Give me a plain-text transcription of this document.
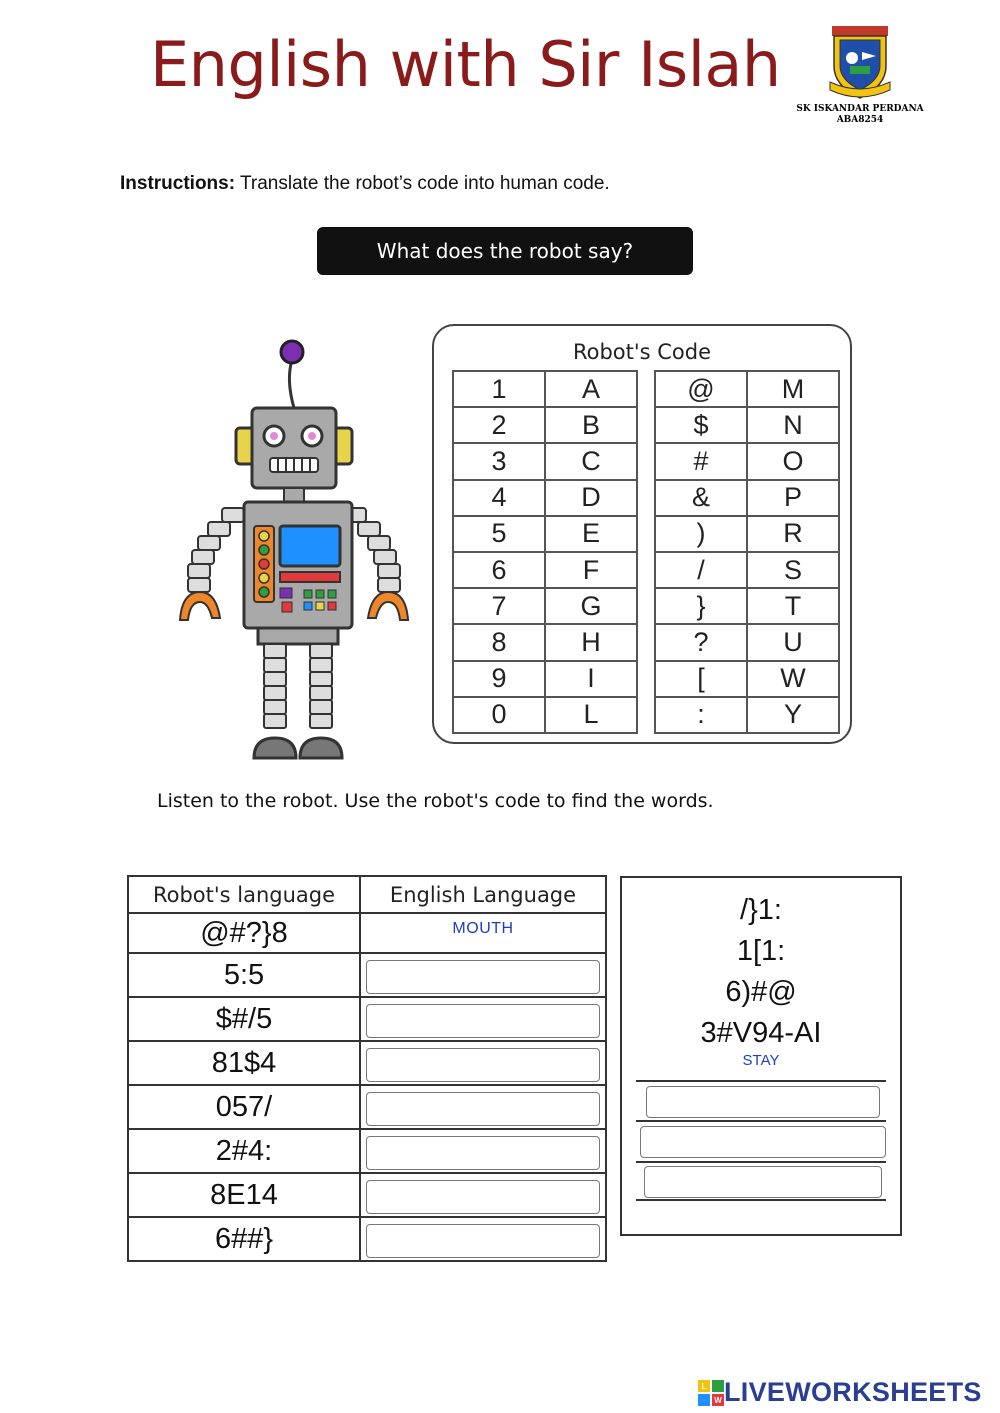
English with Sir Islah
SK ISKANDAR PERDANA
ABA8254
Instructions: Translate the robot’s code into human code.
What does the robot say?
Robot's Code
1	A
2	B
3	C
4	D
5	E
6	F
7	G
8	H
9	I
0	L
@	M
$	N
#	O
&	P
)	R
/	S
}	T
?	U
[	W
:	Y
Listen to the robot. Use the robot's code to find the words.
Robot's language	English Language
@#?}8	MOUTH

5:5	
$#/5	
81$4	
057/	
2#4:	
8E14	
6##}	
/}1:
1[1:
6)#@
3#V94-AI
STAY
L
W LIVEWORKSHEETS
